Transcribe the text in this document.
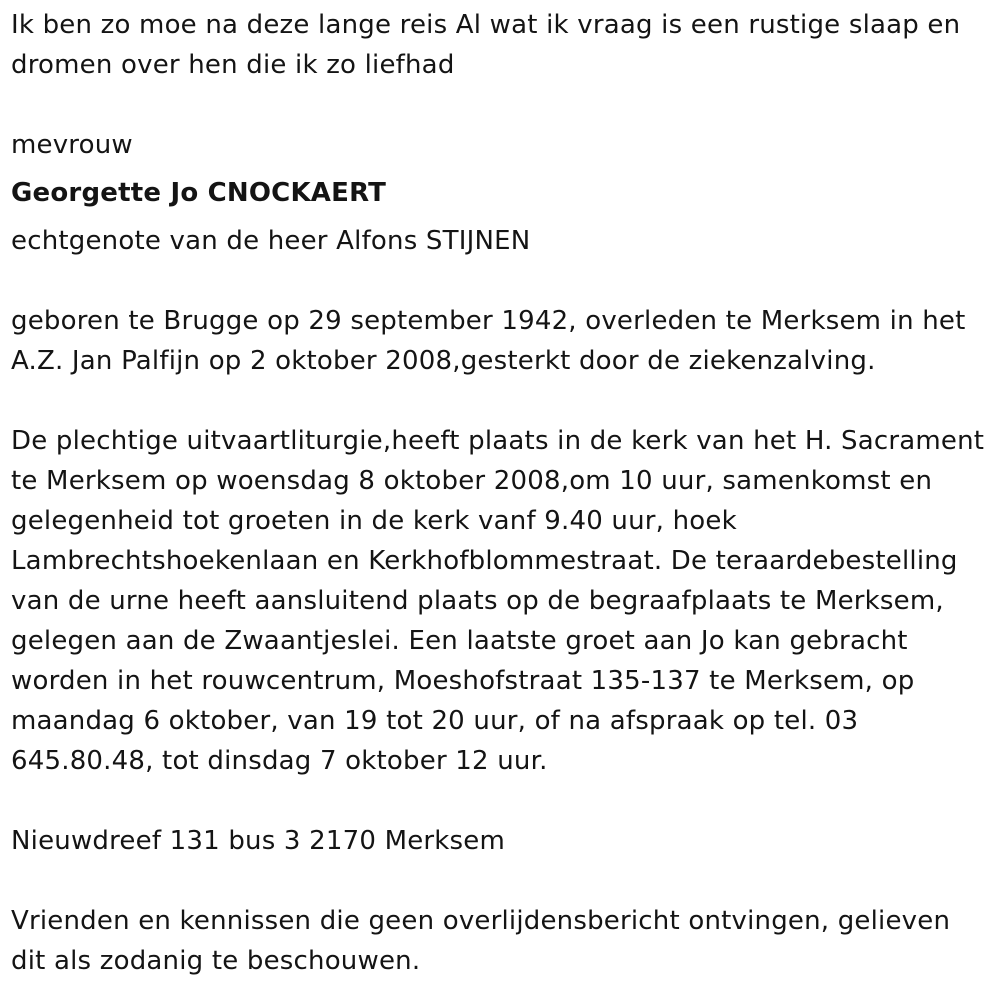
Ik ben zo moe na deze lange reis Al wat ik vraag is een rustige slaap en
dromen over hen die ik zo liefhad

mevrouw

Georgette Jo CNOCKAERT

echtgenote van de heer Alfons STIJNEN

geboren te Brugge op 29 september 1942, overleden te Merksem in het A.Z. Jan Palfijn op 2 oktober 2008,gesterkt door de ziekenzalving.

De plechtige uitvaartliturgie,heeft plaats in de kerk van het H. Sacrament te Merksem op woensdag 8 oktober 2008,om 10 uur, samenkomst en gelegenheid tot groeten in de kerk vanf 9.40 uur, hoek Lambrechtshoekenlaan en Kerkhofblommestraat. De teraardebestelling van de urne heeft aansluitend plaats op de begraafplaats te Merksem, gelegen aan de Zwaantjeslei. Een laatste groet aan Jo kan gebracht worden in het rouwcentrum, Moeshofstraat 135-137 te Merksem, op maandag 6 oktober, van 19 tot 20 uur, of na afspraak op tel. 03 645.80.48, tot dinsdag 7 oktober 12 uur.

Nieuwdreef 131 bus 3 2170 Merksem

Vrienden en kennissen die geen overlijdensbericht ontvingen, gelieven dit als zodanig te beschouwen.
